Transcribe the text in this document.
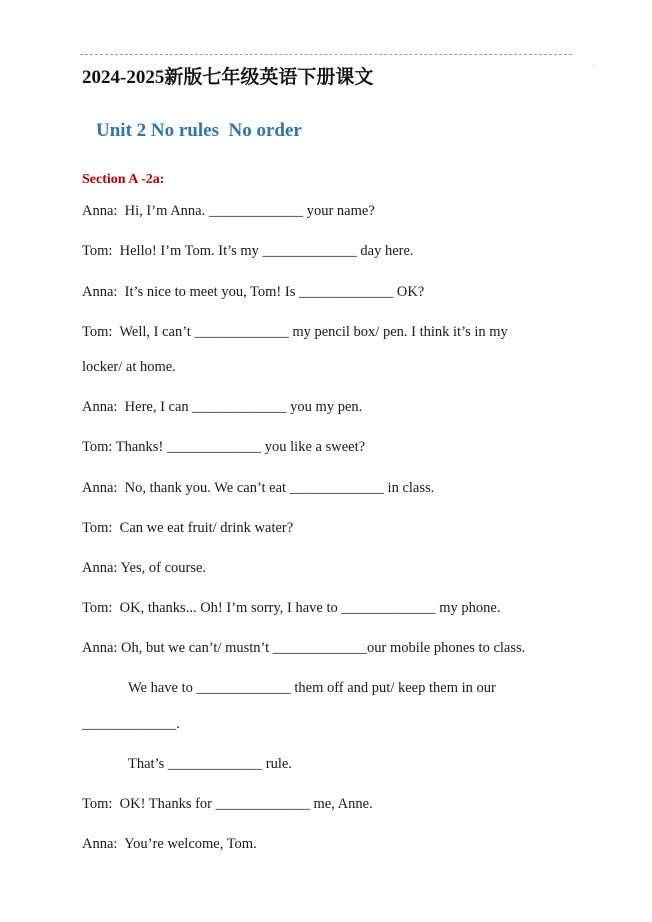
·
2024-2025新版七年级英语下册课文
Unit 2 No rules  No order
Section A -2a:
Anna:  Hi, I’m Anna. _____________ your name?
Tom:  Hello! I’m Tom. It’s my _____________ day here.
Anna:  It’s nice to meet you, Tom! Is _____________ OK?
Tom:  Well, I can’t _____________ my pencil box/ pen. I think it’s in my
locker/ at home.
Anna:  Here, I can _____________ you my pen.
Tom: Thanks! _____________ you like a sweet?
Anna:  No, thank you. We can’t eat _____________ in class.
Tom:  Can we eat fruit/ drink water?
Anna: Yes, of course.
Tom:  OK, thanks... Oh! I’m sorry, I have to _____________ my phone.
Anna: Oh, but we can’t/ mustn’t _____________our mobile phones to class.
We have to _____________ them off and put/ keep them in our
_____________.
That’s _____________ rule.
Tom:  OK! Thanks for _____________ me, Anne.
Anna:  You’re welcome, Tom.
